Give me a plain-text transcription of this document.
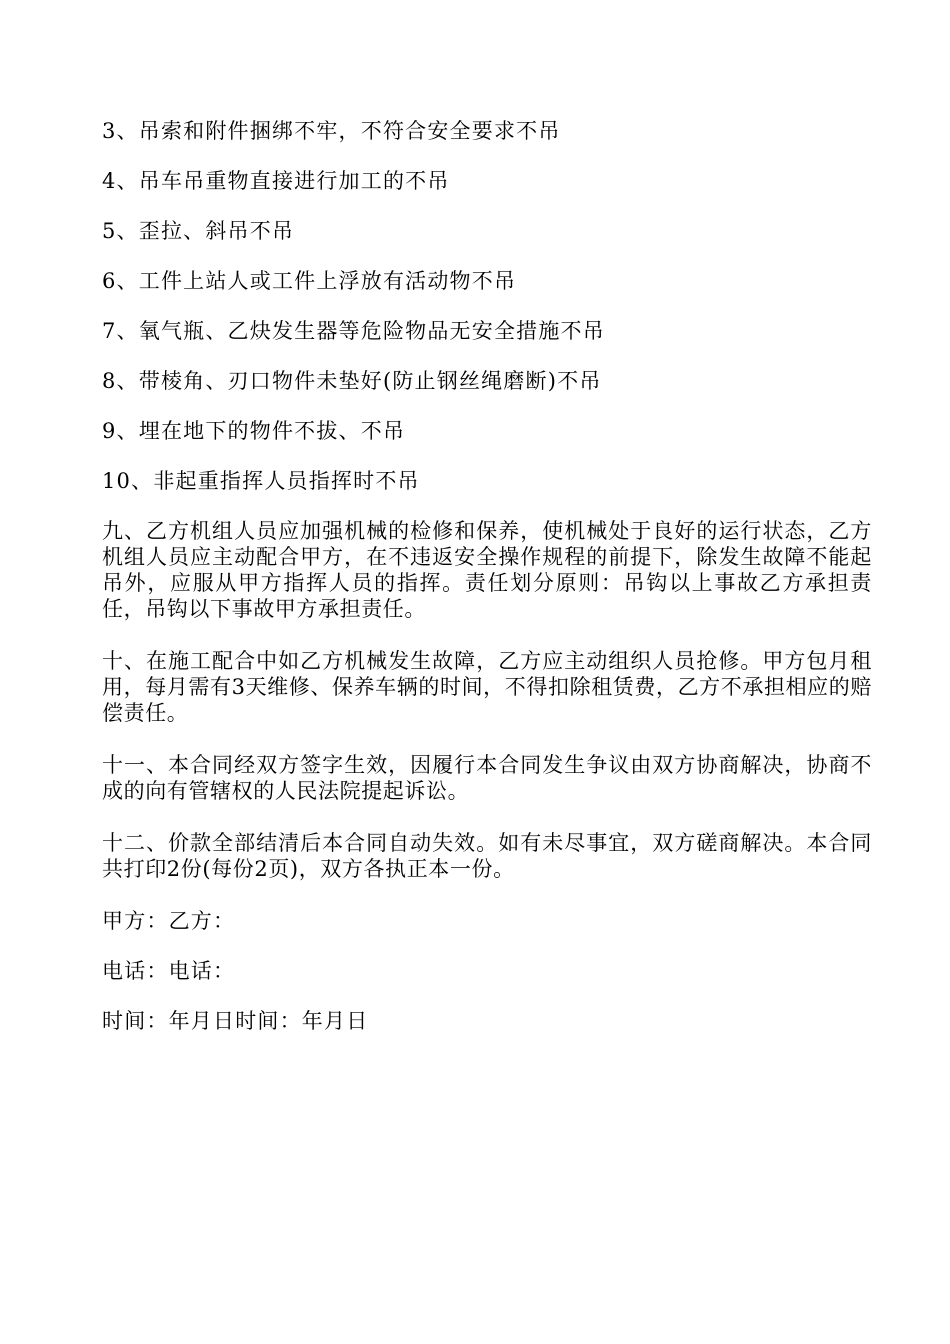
3、吊索和附件捆绑不牢，不符合安全要求不吊

4、吊车吊重物直接进行加工的不吊

5、歪拉、斜吊不吊

6、工件上站人或工件上浮放有活动物不吊

7、氧气瓶、乙炔发生器等危险物品无安全措施不吊

8、带棱角、刃口物件未垫好(防止钢丝绳磨断)不吊

9、埋在地下的物件不拔、不吊

10、非起重指挥人员指挥时不吊

九、乙方机组人员应加强机械的检修和保养，使机械处于良好的运行状态，乙方机组人员应主动配合甲方，在不违返安全操作规程的前提下，除发生故障不能起吊外，应服从甲方指挥人员的指挥。责任划分原则：吊钩以上事故乙方承担责任，吊钩以下事故甲方承担责任。

十、在施工配合中如乙方机械发生故障，乙方应主动组织人员抢修。甲方包月租用，每月需有3天维修、保养车辆的时间，不得扣除租赁费，乙方不承担相应的赔偿责任。

十一、本合同经双方签字生效，因履行本合同发生争议由双方协商解决，协商不成的向有管辖权的人民法院提起诉讼。

十二、价款全部结清后本合同自动失效。如有未尽事宜，双方磋商解决。本合同共打印2份(每份2页)，双方各执正本一份。

甲方：乙方：

电话：电话：

时间：年月日时间：年月日
